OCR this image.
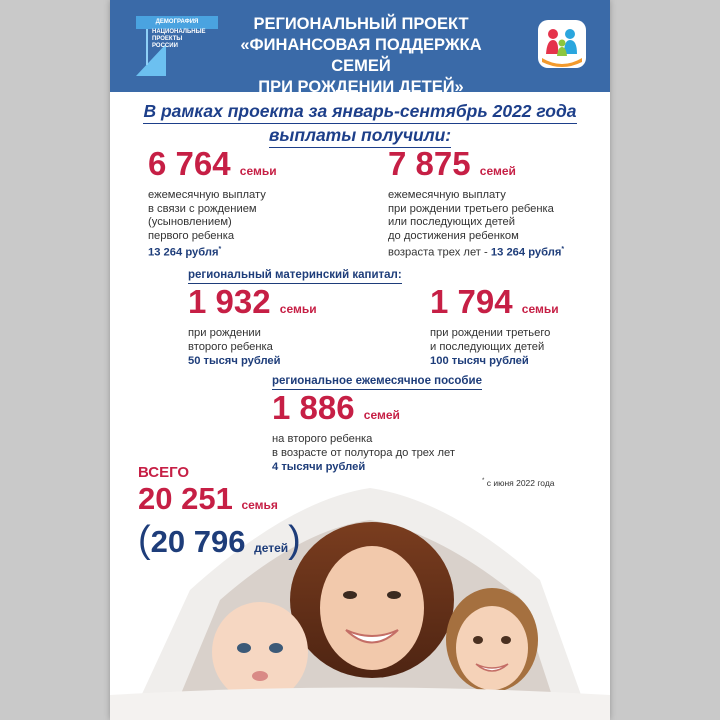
ДЕМОГРАФИЯ
НАЦИОНАЛЬНЫЕ
ПРОЕКТЫ
РОССИИ
РЕГИОНАЛЬНЫЙ ПРОЕКТ
«ФИНАНСОВАЯ ПОДДЕРЖКА СЕМЕЙ
ПРИ РОЖДЕНИИ ДЕТЕЙ»
В рамках проекта за январь-сентябрь 2022 года
выплаты получили:
6 764 семьи
ежемесячную выплату
в связи с рождением
(усыновлением)
первого ребенка
13 264 рубля*
7 875 семей
ежемесячную выплату
при рождении третьего ребенка
или последующих детей
до достижения ребенком
возраста трех лет - 13 264 рубля*
региональный материнский капитал:
1 932 семьи
при рождении
второго ребенка
50 тысяч рублей
1 794 семьи
при рождении третьего
и последующих детей
100 тысяч рублей
региональное ежемесячное пособие
1 886 семей
на второго ребенка
в возрасте от полутора до трех лет
4 тысячи рублей
* с июня 2022 года
ВСЕГО
20 251 семья
(20 796 детей)
